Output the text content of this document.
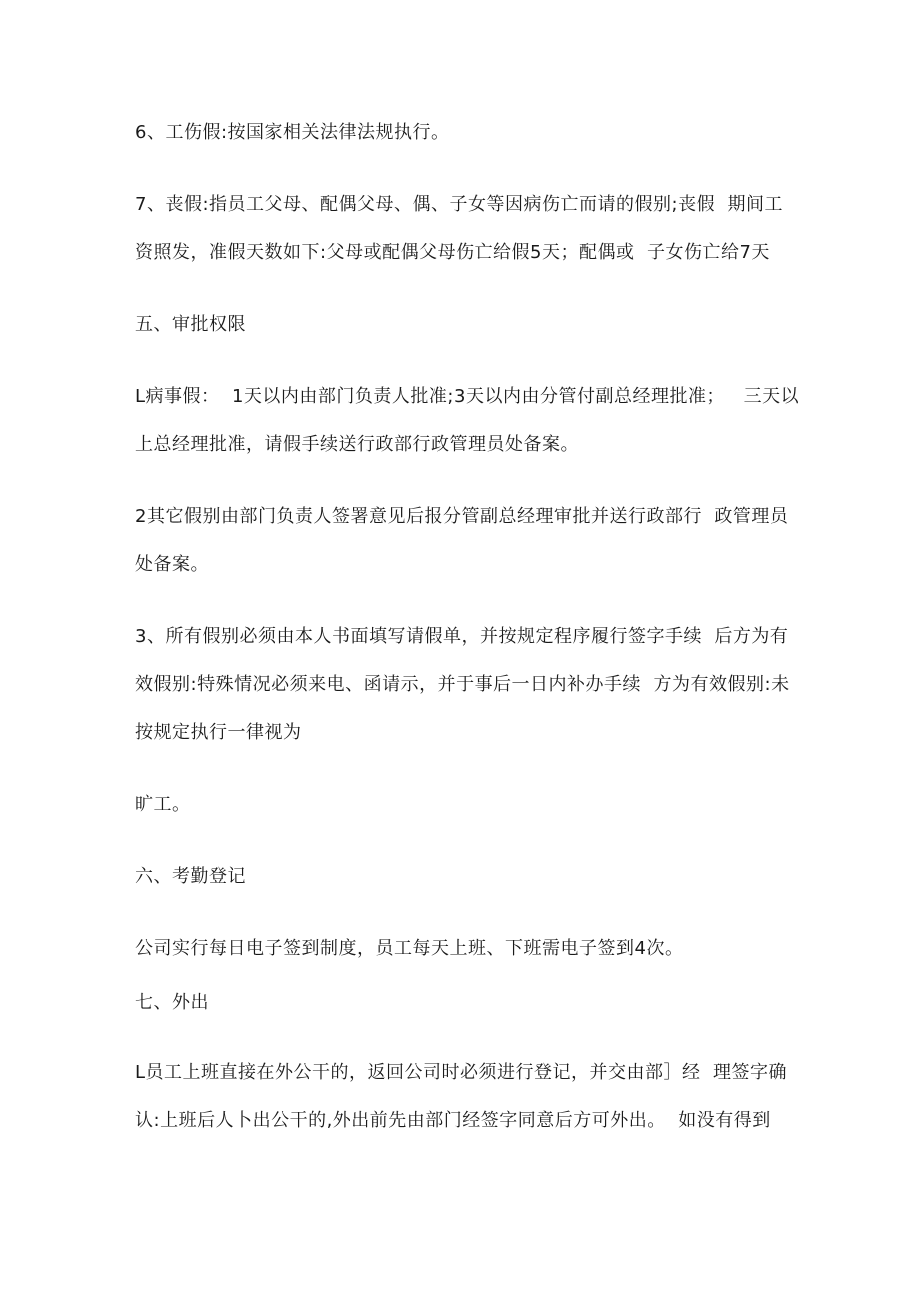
6、工伤假:按国家相关法律法规执行。
7、丧假:指员工父母、配偶父母、偶、子女等因病伤亡而请的假别;丧假  期间工
资照发，准假天数如下:父母或配偶父母伤亡给假5天；配偶或  子女伤亡给7天
五、审批权限
L病事假：  1天以内由部门负责人批准;3天以内由分管付副总经理批准；   三天以
上总经理批准，请假手续送行政部行政管理员处备案。
2其它假别由部门负责人签署意见后报分管副总经理审批并送行政部行  政管理员
处备案。
3、所有假别必须由本人书面填写请假单，并按规定程序履行签字手续  后方为有
效假别:特殊情况必须来电、函请示，并于事后一日内补办手续  方为有效假别:未
按规定执行一律视为
旷工。
六、考勤登记
公司实行每日电子签到制度，员工每天上班、下班需电子签到4次。
七、外出
L员工上班直接在外公干的，返回公司时必须进行登记，并交由部］经  理签字确
认:上班后人卜出公干的,外出前先由部门经签字同意后方可外出。  如没有得到
